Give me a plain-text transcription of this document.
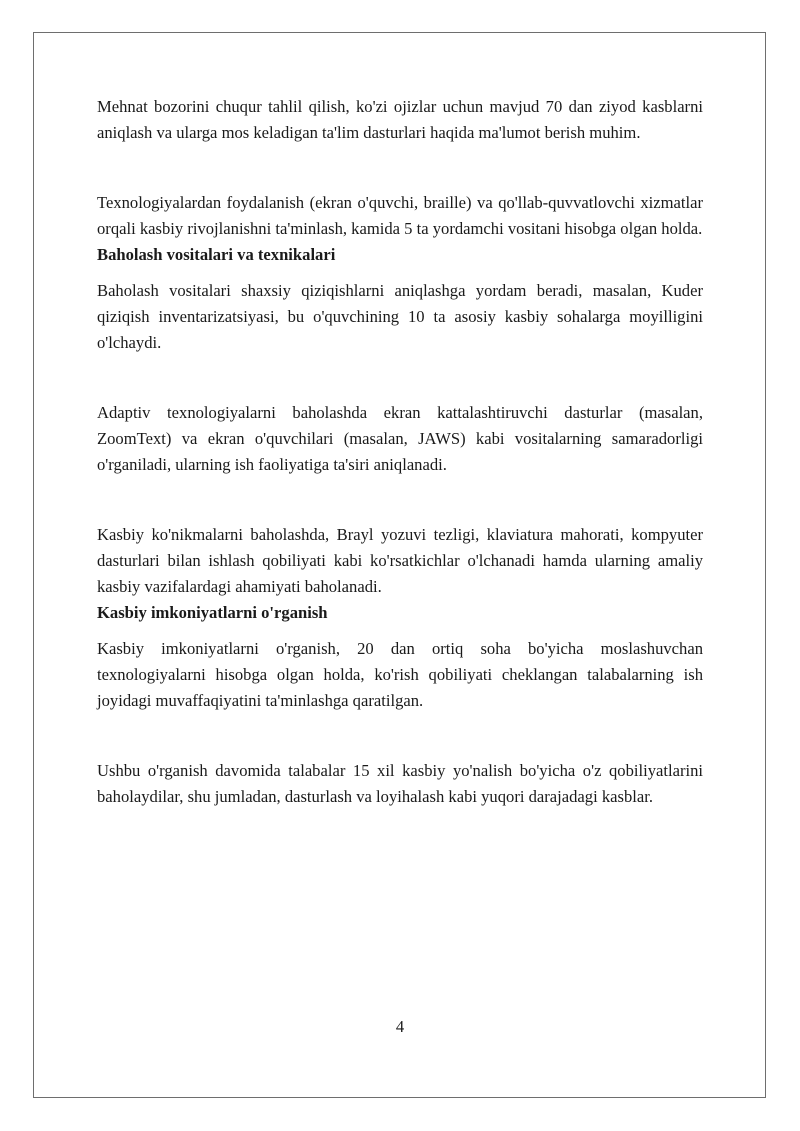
Mehnat bozorini chuqur tahlil qilish, ko'zi ojizlar uchun mavjud 70 dan ziyod kasblarni aniqlash va ularga mos keladigan ta'lim dasturlari haqida ma'lumot berish muhim.

Texnologiyalardan foydalanish (ekran o'quvchi, braille) va qo'llab-quvvatlovchi xizmatlar orqali kasbiy rivojlanishni ta'minlash, kamida 5 ta yordamchi vositani hisobga olgan holda.

Baholash vositalari va texnikalari

Baholash vositalari shaxsiy qiziqishlarni aniqlashga yordam beradi, masalan, Kuder qiziqish inventarizatsiyasi, bu o'quvchining 10 ta asosiy kasbiy sohalarga moyilligini o'lchaydi.

Adaptiv texnologiyalarni baholashda ekran kattalashtiruvchi dasturlar (masalan, ZoomText) va ekran o'quvchilari (masalan, JAWS) kabi vositalarning samaradorligi o'rganiladi, ularning ish faoliyatiga ta'siri aniqlanadi.

Kasbiy ko'nikmalarni baholashda, Brayl yozuvi tezligi, klaviatura mahorati, kompyuter dasturlari bilan ishlash qobiliyati kabi ko'rsatkichlar o'lchanadi hamda ularning amaliy kasbiy vazifalardagi ahamiyati baholanadi.

Kasbiy imkoniyatlarni o'rganish

Kasbiy imkoniyatlarni o'rganish, 20 dan ortiq soha bo'yicha moslashuvchan texnologiyalarni hisobga olgan holda, ko'rish qobiliyati cheklangan talabalarning ish joyidagi muvaffaqiyatini ta'minlashga qaratilgan.

Ushbu o'rganish davomida talabalar 15 xil kasbiy yo'nalish bo'yicha o'z qobiliyatlarini baholaydilar, shu jumladan, dasturlash va loyihalash kabi yuqori darajadagi kasblar.

4
